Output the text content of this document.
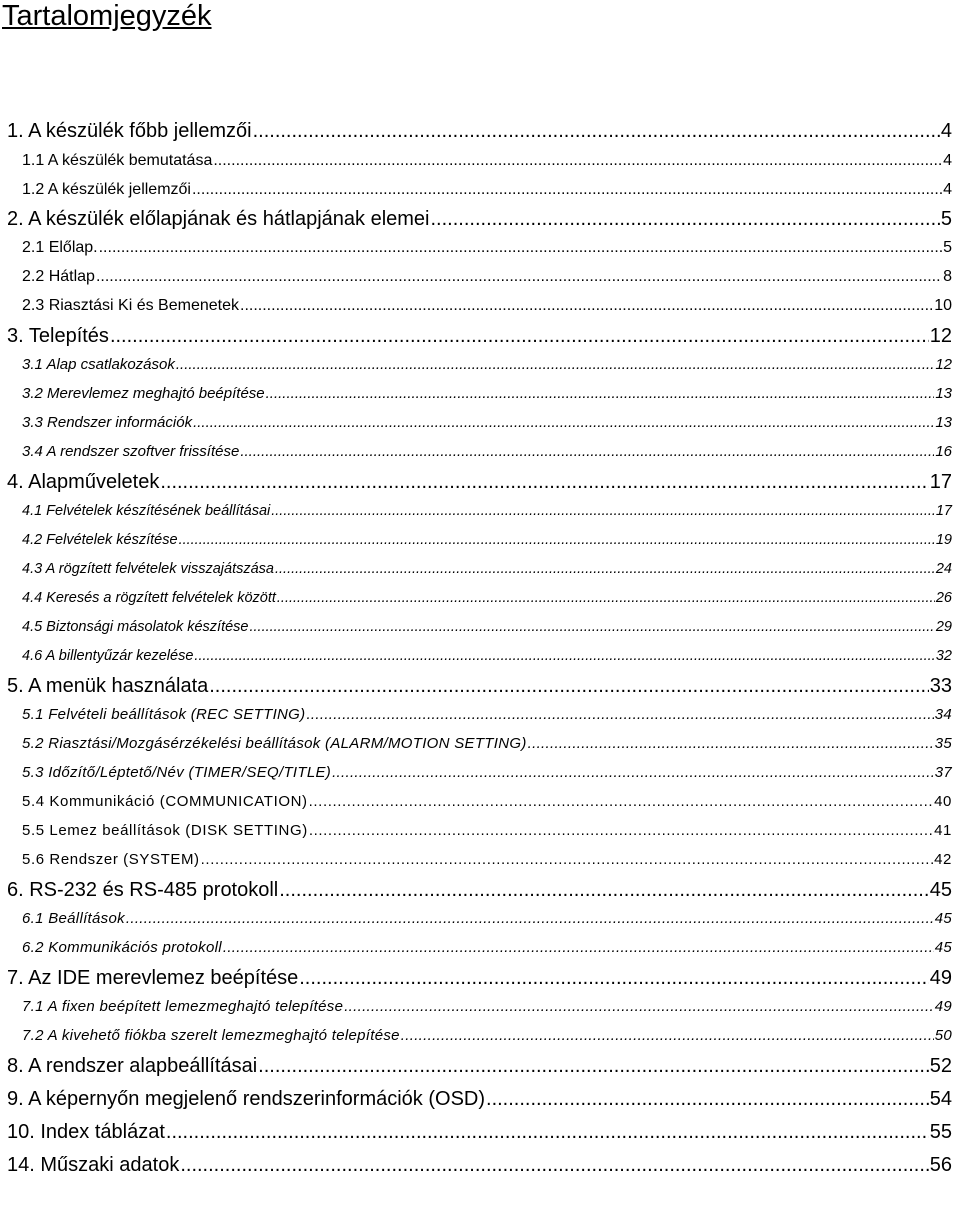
Tartalomjegyzék
1. A készülék főbb jellemzői .....	4
1.1 A készülék bemutatása .....	4
1.2 A készülék jellemzői .....	4
2. A készülék előlapjának és hátlapjának elemei .....	5
2.1 Előlap. .....	5
2.2 Hátlap .....	8
2.3 Riasztási Ki és Bemenetek .....	10
3. Telepítés .....	12
3.1 Alap csatlakozások .....	12
3.2 Merevlemez meghajtó beépítése .....	13
3.3 Rendszer információk .....	13
3.4 A rendszer szoftver frissítése .....	16
4. Alapműveletek .....	17
4.1 Felvételek készítésének beállításai .....	17
4.2 Felvételek készítése .....	19
4.3 A rögzített felvételek visszajátszása .....	24
4.4 Keresés a rögzített felvételek között .....	26
4.5 Biztonsági másolatok készítése .....	29
4.6 A billentyűzár kezelése .....	32
5. A menük használata .....	33
5.1 Felvételi beállítások (REC SETTING) .....	34
5.2 Riasztási/Mozgásérzékelési beállítások (ALARM/MOTION SETTING) .....	35
5.3 Időzítő/Léptető/Név (TIMER/SEQ/TITLE) .....	37
5.4 Kommunikáció (COMMUNICATION) .....	40
5.5 Lemez beállítások (DISK SETTING) .....	41
5.6 Rendszer (SYSTEM) .....	42
6. RS-232 és RS-485 protokoll .....	45
6.1 Beállítások .....	45
6.2 Kommunikációs protokoll .....	45
7. Az IDE merevlemez beépítése .....	49
7.1 A fixen beépített lemezmeghajtó telepítése .....	49
7.2 A kivehető fiókba szerelt lemezmeghajtó telepítése .....	50
8. A rendszer alapbeállításai .....	52
9. A képernyőn megjelenő rendszerinformációk (OSD) .....	54
10. Index táblázat .....	55
14. Műszaki adatok .....	56
